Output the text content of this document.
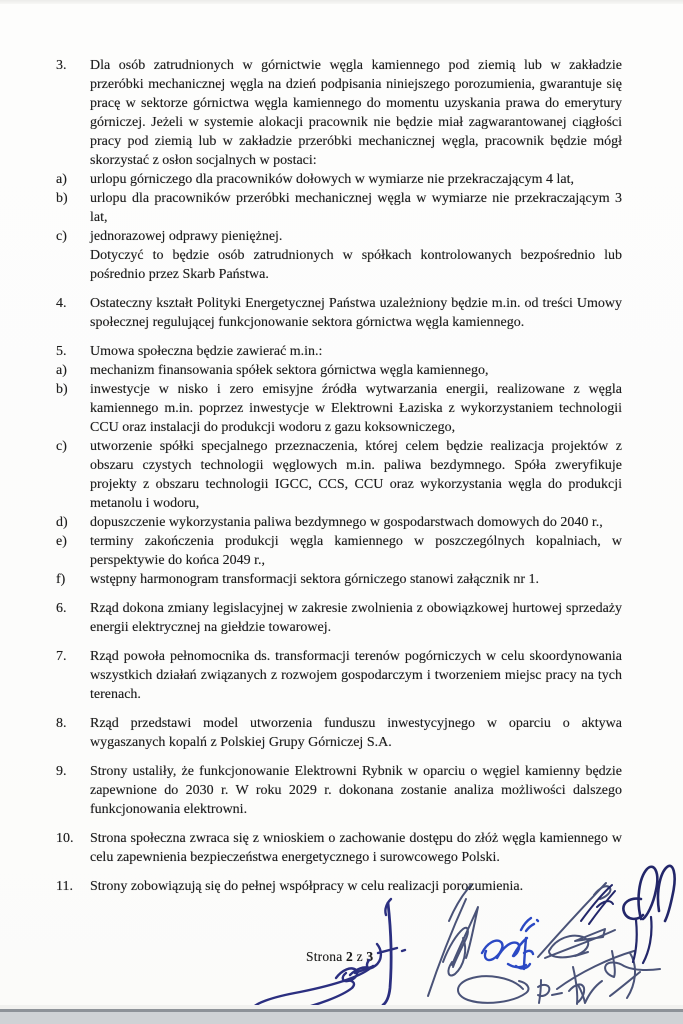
3.	Dla osób zatrudnionych w górnictwie węgla kamiennego pod ziemią lub w zakładzie przeróbki mechanicznej węgla na dzień podpisania niniejszego porozumienia, gwarantuje się pracę w sektorze górnictwa węgla kamiennego do momentu uzyskania prawa do emerytury górniczej. Jeżeli w systemie alokacji pracownik nie będzie miał zagwarantowanej ciągłości pracy pod ziemią lub w zakładzie przeróbki mechanicznej węgla, pracownik będzie mógł skorzystać z osłon socjalnych w postaci:
a)	urlopu górniczego dla pracowników dołowych w wymiarze nie przekraczającym 4 lat,
b)	urlopu dla pracowników przeróbki mechanicznej węgla w wymiarze nie przekraczającym 3 lat,
c)	jednorazowej odprawy pieniężnej.
Dotyczyć to będzie osób zatrudnionych w spółkach kontrolowanych bezpośrednio lub pośrednio przez Skarb Państwa.
4.	Ostateczny kształt Polityki Energetycznej Państwa uzależniony będzie m.in. od treści Umowy społecznej regulującej funkcjonowanie sektora górnictwa węgla kamiennego.
5.	Umowa społeczna będzie zawierać m.in.:
a)	mechanizm finansowania spółek sektora górnictwa węgla kamiennego,
b)	inwestycje w nisko i zero emisyjne źródła wytwarzania energii, realizowane z węgla kamiennego m.in. poprzez inwestycje w Elektrowni Łaziska z wykorzystaniem technologii CCU oraz instalacji do produkcji wodoru z gazu koksowniczego,
c)	utworzenie spółki specjalnego przeznaczenia, której celem będzie realizacja projektów z obszaru czystych technologii węglowych m.in. paliwa bezdymnego. Spóła zweryfikuje projekty z obszaru technologii IGCC, CCS, CCU oraz wykorzystania węgla do produkcji metanolu i wodoru,
d)	dopuszczenie wykorzystania paliwa bezdymnego w gospodarstwach domowych do 2040 r.,
e)	terminy zakończenia produkcji węgla kamiennego w poszczególnych kopalniach, w perspektywie do końca 2049 r.,
f)	wstępny harmonogram transformacji sektora górniczego stanowi załącznik nr 1.
6.	Rząd dokona zmiany legislacyjnej w zakresie zwolnienia z obowiązkowej hurtowej sprzedaży energii elektrycznej na giełdzie towarowej.
7.	Rząd powoła pełnomocnika ds. transformacji terenów pogórniczych w celu skoordynowania wszystkich działań związanych z rozwojem gospodarczym i tworzeniem miejsc pracy na tych terenach.
8.	Rząd przedstawi model utworzenia funduszu inwestycyjnego w oparciu o aktywa wygaszanych kopalń z Polskiej Grupy Górniczej S.A.
9.	Strony ustaliły, że funkcjonowanie Elektrowni Rybnik w oparciu o węgiel kamienny będzie zapewnione do 2030 r. W roku 2029 r. dokonana zostanie analiza możliwości dalszego funkcjonowania elektrowni.
10.	Strona społeczna zwraca się z wnioskiem o zachowanie dostępu do złóż węgla kamiennego w celu zapewnienia bezpieczeństwa energetycznego i surowcowego Polski.
11.	Strony zobowiązują się do pełnej współpracy w celu realizacji porozumienia.
Strona 2 z 3
